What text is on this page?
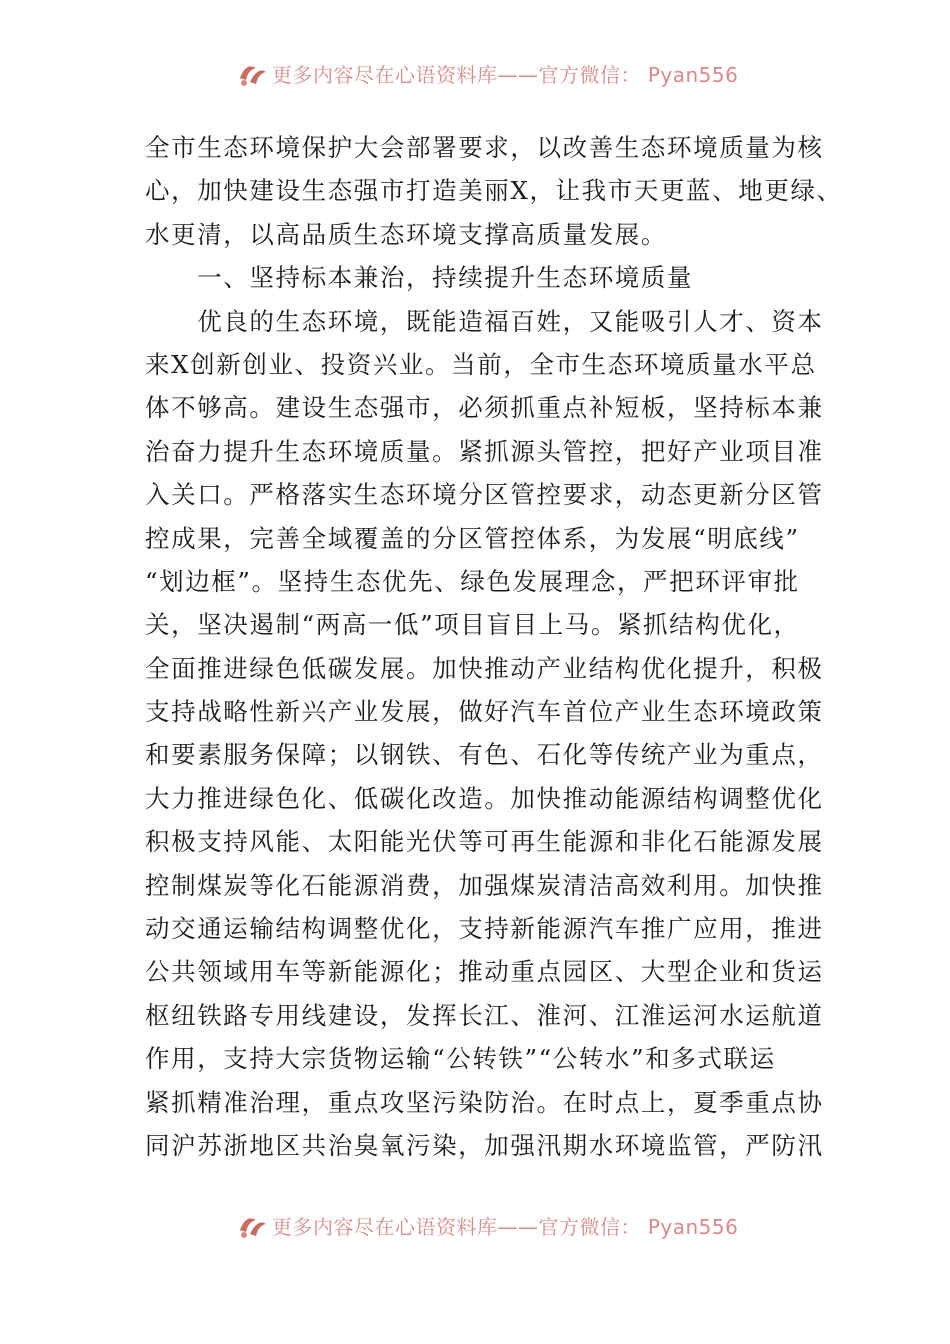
更多内容尽在心语资料库——官方微信： Pyan556
全市生态环境保护大会部署要求，以改善生态环境质量为核
心，加快建设生态强市打造美丽X，让我市天更蓝、地更绿、
水更清，以高品质生态环境支撑高质量发展。
　　一、坚持标本兼治，持续提升生态环境质量
　　优良的生态环境，既能造福百姓，又能吸引人才、资本
来X创新创业、投资兴业。当前，全市生态环境质量水平总
体不够高。建设生态强市，必须抓重点补短板，坚持标本兼
治奋力提升生态环境质量。紧抓源头管控，把好产业项目准
入关口。严格落实生态环境分区管控要求，动态更新分区管
控成果，完善全域覆盖的分区管控体系，为发展“明底线”
“划边框”。坚持生态优先、绿色发展理念，严把环评审批
关，坚决遏制“两高一低”项目盲目上马。紧抓结构优化，
全面推进绿色低碳发展。加快推动产业结构优化提升，积极
支持战略性新兴产业发展，做好汽车首位产业生态环境政策
和要素服务保障；以钢铁、有色、石化等传统产业为重点，
大力推进绿色化、低碳化改造。加快推动能源结构调整优化
积极支持风能、太阳能光伏等可再生能源和非化石能源发展
控制煤炭等化石能源消费，加强煤炭清洁高效利用。加快推
动交通运输结构调整优化，支持新能源汽车推广应用，推进
公共领域用车等新能源化；推动重点园区、大型企业和货运
枢纽铁路专用线建设，发挥长江、淮河、江淮运河水运航道
作用，支持大宗货物运输“公转铁”“公转水”和多式联运
紧抓精准治理，重点攻坚污染防治。在时点上，夏季重点协
同沪苏浙地区共治臭氧污染，加强汛期水环境监管，严防汛
更多内容尽在心语资料库——官方微信： Pyan556
